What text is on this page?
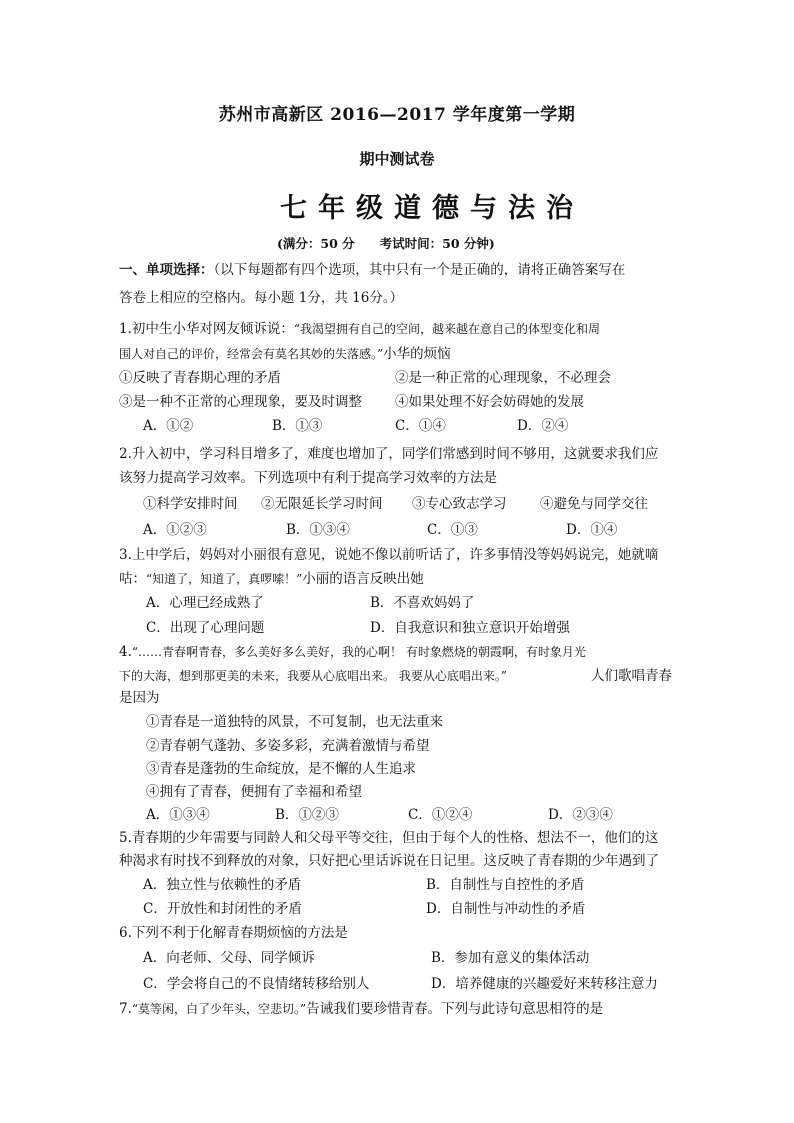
苏州市高新区 2016—2017 学年度第一学期
期中测试卷
七年级道德与法治
(满分：50 分　　考试时间：50 分钟)
一、单项选择：（以下每题都有四个选项，其中只有一个是正确的，请将正确答案写在
答卷上相应的空格内。每小题 1分，共 16分。）
1.初中生小华对网友倾诉说：“我渴望拥有自己的空间，越来越在意自己的体型变化和周
围人对自己的评价，经常会有莫名其妙的失落感。”小华的烦恼
①反映了青春期心理的矛盾	②是一种正常的心理现象，不必理会
③是一种不正常的心理现象，要及时调整 ④如果处理不好会妨碍她的发展
A．①②	B．①③	C．①④	D．②④
2.升入初中，学习科目增多了，难度也增加了，同学们常感到时间不够用，这就要求我们应
该努力提高学习效率。下列选项中有利于提高学习效率的方法是
①科学安排时间 ②无限延长学习时间 ③专心致志学习 ④避免与同学交往
A．①②③	B．①③④	C．①③	D．①④
3.上中学后，妈妈对小丽很有意见，说她不像以前听话了，许多事情没等妈妈说完，她就嘀
咕：“知道了，知道了，真啰嗦！”小丽的语言反映出她
A．心理已经成熟了	B．不喜欢妈妈了
C．出现了心理问题	D．自我意识和独立意识开始增强
4.“……青春啊青春，多么美好多么美好，我的心啊！ 有时象燃烧的朝霞啊，有时象月光
下的大海，想到那更美的未来，我要从心底唱出来。 我要从心底唱出来。”	人们歌唱青春
是因为
①青春是一道独特的风景，不可复制，也无法重来
②青春朝气蓬勃、多姿多彩，充满着激情与希望
③青春是蓬勃的生命绽放，是不懈的人生追求
④拥有了青春，便拥有了幸福和希望
A．①③④	B．①②③	C．①②④	D．②③④
5.青春期的少年需要与同龄人和父母平等交往，但由于每个人的性格、想法不一，他们的这
种渴求有时找不到释放的对象，只好把心里话诉说在日记里。这反映了青春期的少年遇到了
A．独立性与依赖性的矛盾	B．自制性与自控性的矛盾
C．开放性和封闭性的矛盾	D．自制性与冲动性的矛盾
6.下列不利于化解青春期烦恼的方法是
A．向老师、父母、同学倾诉	B．参加有意义的集体活动
C．学会将自己的不良情绪转移给别人	D．培养健康的兴趣爱好来转移注意力
7.“莫等闲，白了少年头，空悲切。”告诫我们要珍惜青春。下列与此诗句意思相符的是
